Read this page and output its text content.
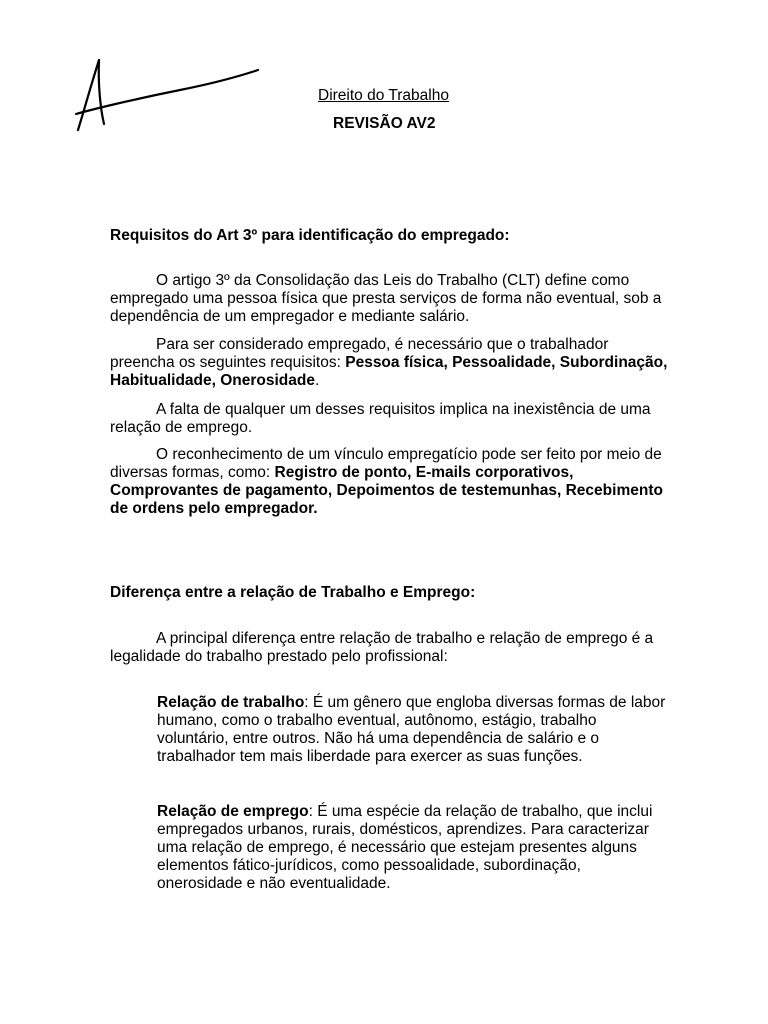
Direito do Trabalho
REVISÃO AV2

Requisitos do Art 3º para identificação do empregado:

O artigo 3º da Consolidação das Leis do Trabalho (CLT) define como empregado uma pessoa física que presta serviços de forma não eventual, sob a dependência de um empregador e mediante salário.

Para ser considerado empregado, é necessário que o trabalhador preencha os seguintes requisitos: Pessoa física, Pessoalidade, Subordinação, Habitualidade, Onerosidade.

A falta de qualquer um desses requisitos implica na inexistência de uma relação de emprego.

O reconhecimento de um vínculo empregatício pode ser feito por meio de diversas formas, como: Registro de ponto, E-mails corporativos, Comprovantes de pagamento, Depoimentos de testemunhas, Recebimento de ordens pelo empregador.

Diferença entre a relação de Trabalho e Emprego:

A principal diferença entre relação de trabalho e relação de emprego é a legalidade do trabalho prestado pelo profissional:

Relação de trabalho: É um gênero que engloba diversas formas de labor humano, como o trabalho eventual, autônomo, estágio, trabalho voluntário, entre outros. Não há uma dependência de salário e o trabalhador tem mais liberdade para exercer as suas funções.
Relação de emprego: É uma espécie da relação de trabalho, que inclui empregados urbanos, rurais, domésticos, aprendizes. Para caracterizar uma relação de emprego, é necessário que estejam presentes alguns elementos fático-jurídicos, como pessoalidade, subordinação, onerosidade e não eventualidade.
